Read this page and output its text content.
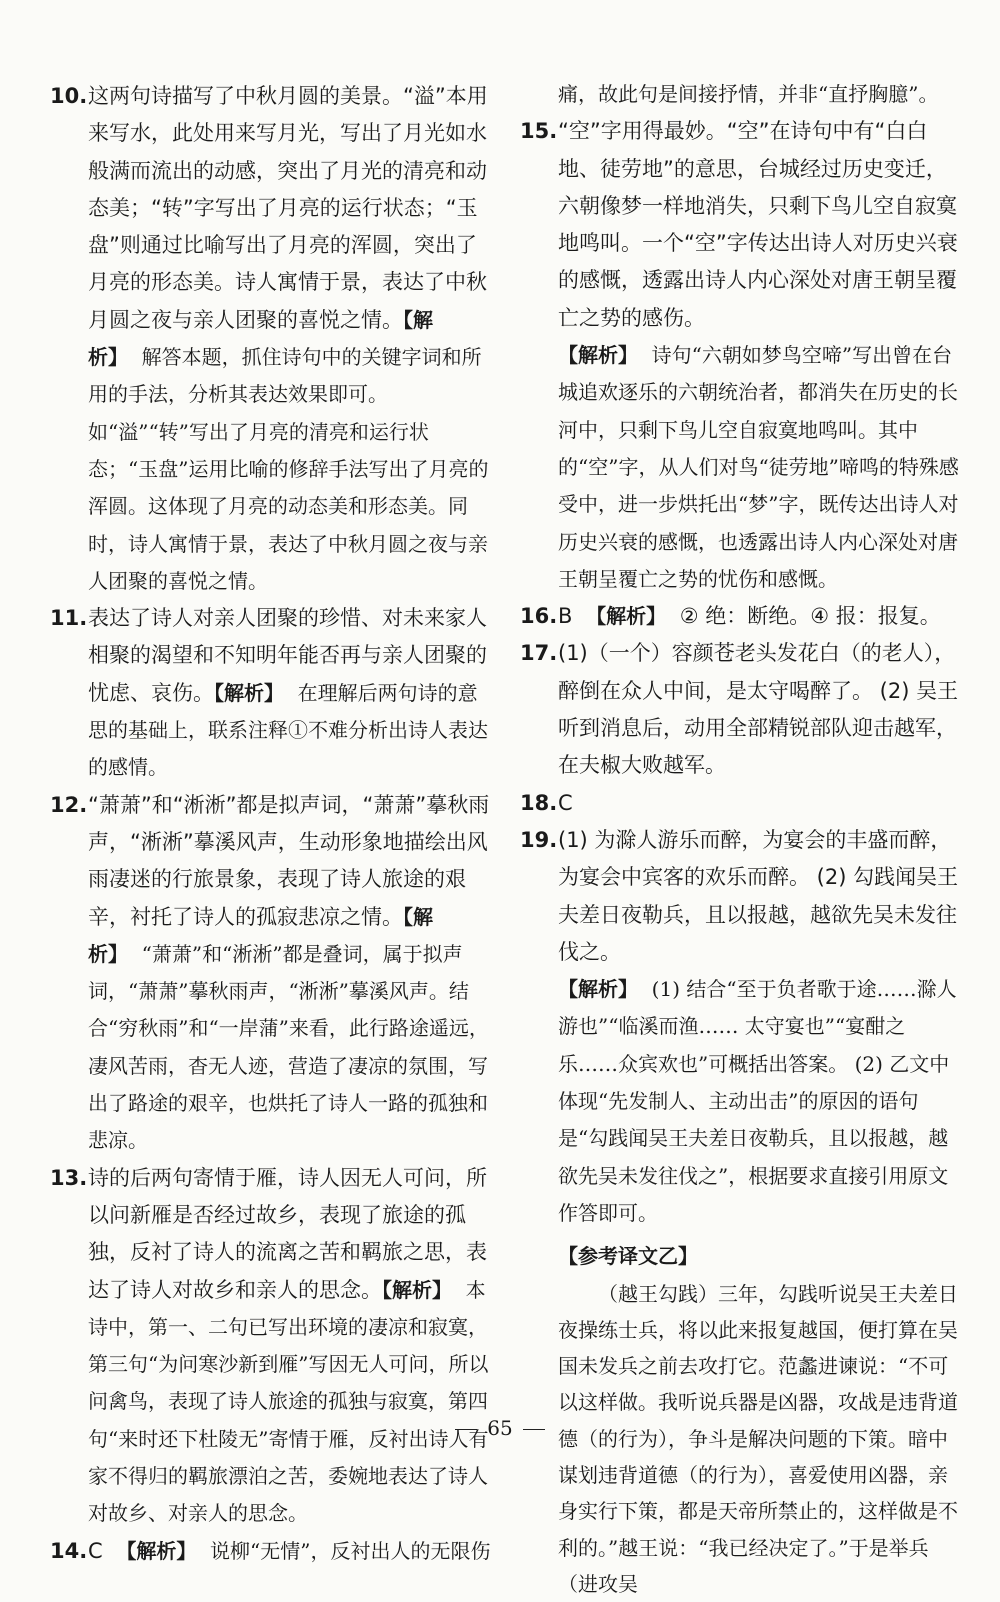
10. 这两句诗描写了中秋月圆的美景。“溢”本用来写水，此处用来写月光，写出了月光如水般满而流出的动感，突出了月光的清亮和动态美；“转”字写出了月亮的运行状态；“玉盘”则通过比喻写出了月亮的浑圆，突出了月亮的形态美。诗人寓情于景，表达了中秋月圆之夜与亲人团聚的喜悦之情。【解析】 解答本题，抓住诗句中的关键字词和所用的手法，分析其表达效果即可。如“溢”“转”写出了月亮的清亮和运行状态；“玉盘”运用比喻的修辞手法写出了月亮的浑圆。这体现了月亮的动态美和形态美。同时，诗人寓情于景，表达了中秋月圆之夜与亲人团聚的喜悦之情。

11. 表达了诗人对亲人团聚的珍惜、对未来家人相聚的渴望和不知明年能否再与亲人团聚的忧虑、哀伤。【解析】 在理解后两句诗的意思的基础上，联系注释①不难分析出诗人表达的感情。

12. “萧萧”和“淅淅”都是拟声词，“萧萧”摹秋雨声，“淅淅”摹溪风声，生动形象地描绘出风雨凄迷的行旅景象，表现了诗人旅途的艰辛，衬托了诗人的孤寂悲凉之情。【解析】 “萧萧”和“淅淅”都是叠词，属于拟声词，“萧萧”摹秋雨声，“淅淅”摹溪风声。结合“穷秋雨”和“一岸蒲”来看，此行路途遥远，凄风苦雨，杳无人迹，营造了凄凉的氛围，写出了路途的艰辛，也烘托了诗人一路的孤独和悲凉。

13. 诗的后两句寄情于雁，诗人因无人可问，所以问新雁是否经过故乡，表现了旅途的孤独，反衬了诗人的流离之苦和羁旅之思，表达了诗人对故乡和亲人的思念。【解析】 本诗中，第一、二句已写出环境的凄凉和寂寞，第三句“为问寒沙新到雁”写因无人可问，所以问禽鸟，表现了诗人旅途的孤独与寂寞，第四句“来时还下杜陵无”寄情于雁，反衬出诗人有家不得归的羁旅漂泊之苦，委婉地表达了诗人对故乡、对亲人的思念。

14. C 【解析】 说柳“无情”，反衬出人的无限伤

痛，故此句是间接抒情，并非“直抒胸臆”。

15. “空”字用得最妙。“空”在诗句中有“白白地、徒劳地”的意思，台城经过历史变迁，六朝像梦一样地消失，只剩下鸟儿空自寂寞地鸣叫。一个“空”字传达出诗人对历史兴衰的感慨，透露出诗人内心深处对唐王朝呈覆亡之势的感伤。
【解析】 诗句“六朝如梦鸟空啼”写出曾在台城追欢逐乐的六朝统治者，都消失在历史的长河中，只剩下鸟儿空自寂寞地鸣叫。其中的“空”字，从人们对鸟“徒劳地”啼鸣的特殊感受中，进一步烘托出“梦”字，既传达出诗人对历史兴衰的感慨，也透露出诗人内心深处对唐王朝呈覆亡之势的忧伤和感慨。

16. B 【解析】 ② 绝：断绝。④ 报：报复。

17. (1)（一个）容颜苍老头发花白（的老人），醉倒在众人中间，是太守喝醉了。 (2) 吴王听到消息后，动用全部精锐部队迎击越军，在夫椒大败越军。

18. C

19. (1) 为滁人游乐而醉，为宴会的丰盛而醉，为宴会中宾客的欢乐而醉。 (2) 勾践闻吴王夫差日夜勒兵，且以报越，越欲先吴未发往伐之。
【解析】 (1) 结合“至于负者歌于途……滁人游也”“临溪而渔…… 太守宴也”“宴酣之乐……众宾欢也”可概括出答案。 (2) 乙文中体现“先发制人、主动出击”的原因的语句是“勾践闻吴王夫差日夜勒兵，且以报越，越欲先吴未发往伐之”，根据要求直接引用原文作答即可。

【参考译文乙】

（越王勾践）三年，勾践听说吴王夫差日夜操练士兵，将以此来报复越国，便打算在吴国未发兵之前去攻打它。范蠡进谏说：“不可以这样做。我听说兵器是凶器，攻战是违背道德（的行为），争斗是解决问题的下策。暗中谋划违背道德（的行为），喜爱使用凶器，亲身实行下策，都是天帝所禁止的，这样做是不利的。”越王说：“我已经决定了。”于是举兵（进攻吴

65
